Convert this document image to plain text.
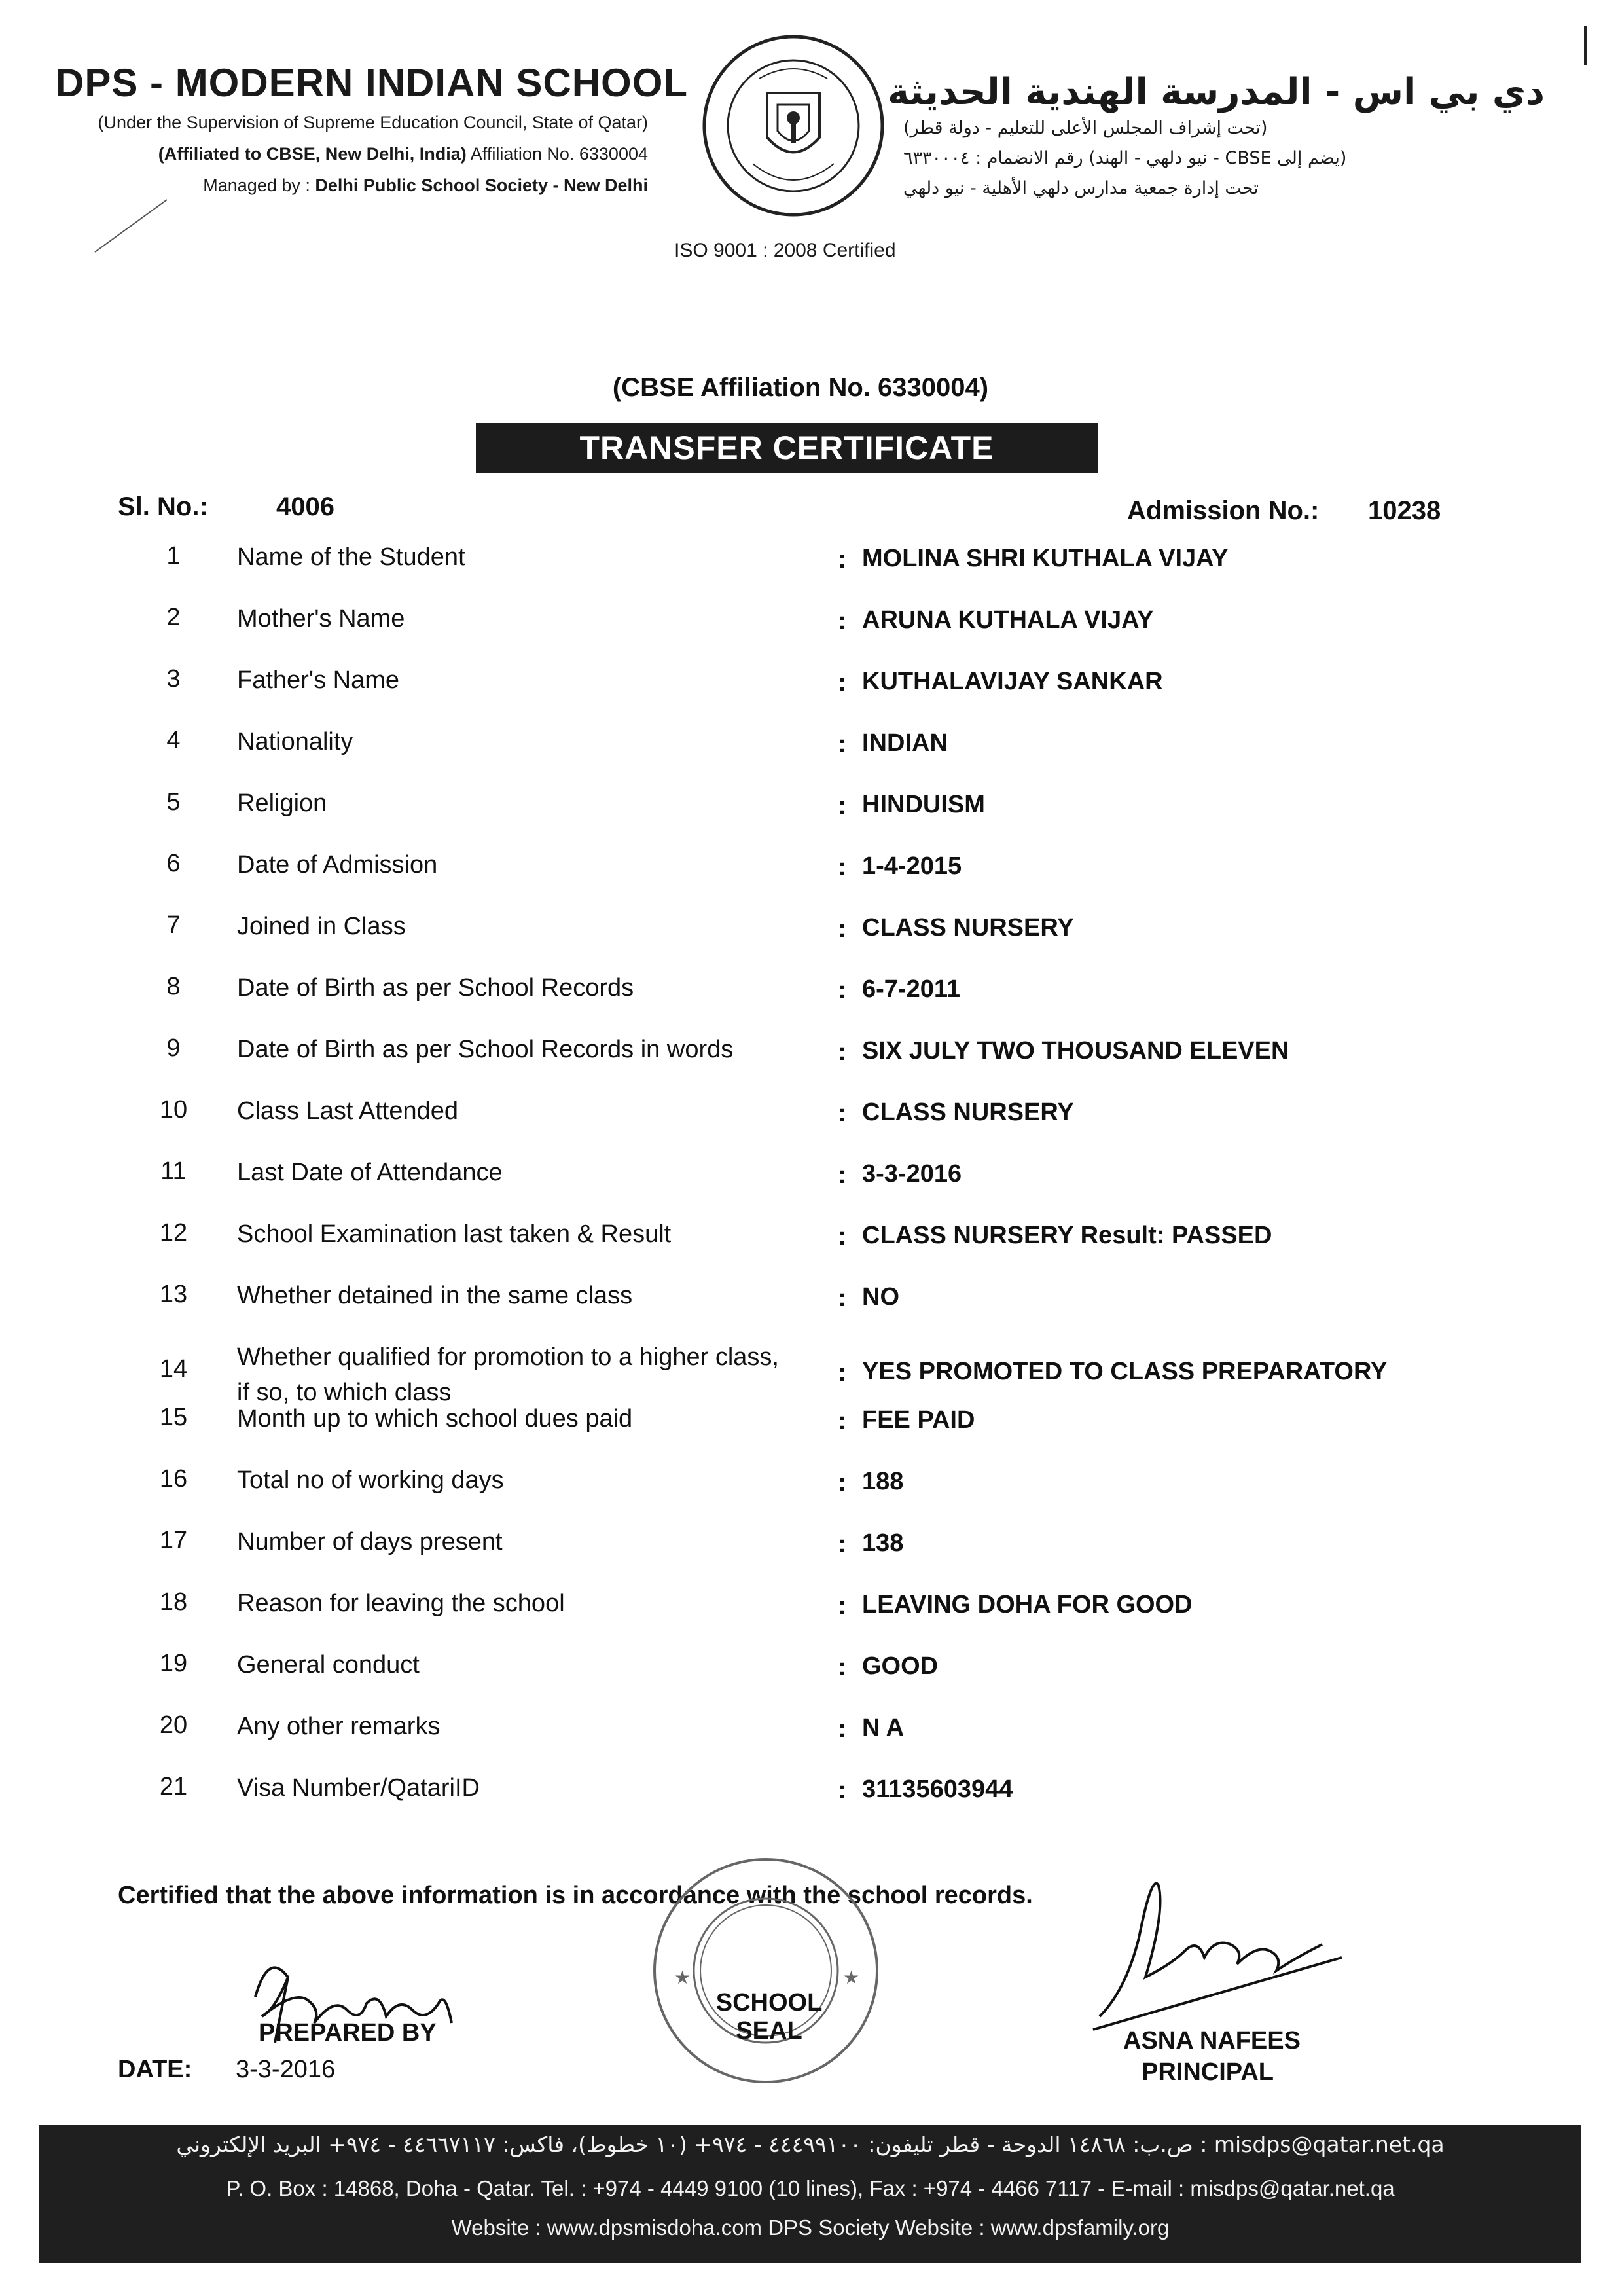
DPS - MODERN INDIAN SCHOOL
(Under the Supervision of Supreme Education Council, State of Qatar)
(Affiliated to CBSE, New Delhi, India) Affiliation No. 6330004
Managed by : Delhi Public School Society - New Delhi
ISO 9001 : 2008 Certified
دي بي اس - المدرسة الهندية الحديثة
(تحت إشراف المجلس الأعلى للتعليم - دولة قطر)
(يضم إلى CBSE - نيو دلهي - الهند) رقم الانضمام : ٦٣٣٠٠٠٤
تحت إدارة جمعية مدارس دلهي الأهلية - نيو دلهي
(CBSE Affiliation No. 6330004)
TRANSFER CERTIFICATE
Sl. No.:	4006	Admission No.: 10238
1	Name of the Student	: MOLINA SHRI KUTHALA VIJAY
2	Mother's Name	: ARUNA KUTHALA VIJAY
3	Father's Name	: KUTHALAVIJAY SANKAR
4	Nationality	: INDIAN
5	Religion	: HINDUISM
6	Date of Admission	: 1-4-2015
7	Joined in Class	: CLASS NURSERY
8	Date of Birth as per School Records	: 6-7-2011
9	Date of Birth as per School Records in words	: SIX JULY TWO THOUSAND ELEVEN
10	Class Last Attended	: CLASS NURSERY
11	Last Date of Attendance	: 3-3-2016
12	School Examination last taken & Result	: CLASS NURSERY Result: PASSED
13	Whether detained in the same class	: NO
14	Whether qualified for promotion to a higher class, if so, to which class
: YES PROMOTED TO CLASS PREPARATORY
15	Month up to which school dues paid	: FEE PAID
16	Total no of working days	: 188
17	Number of days present	: 138
18	Reason for leaving the school	: LEAVING DOHA FOR GOOD
19	General conduct	: GOOD
20	Any other remarks	: N A
21	Visa Number/QatariID	: 31135603944
Certified that the above information is in accordance with the school records.
PREPARED BY
DATE: 3-3-2016
★	★
SCHOOL SEAL	ASNA NAFEES
PRINCIPAL
ص.ب: ١٤٨٦٨ الدوحة - قطر تليفون: ٤٤٤٩٩١٠٠ - ٩٧٤+ (١٠ خطوط)، فاكس: ٤٤٦٦٧١١٧ - ٩٧٤+ البريد الإلكتروني : misdps@qatar.net.qa
P. O. Box : 14868, Doha - Qatar. Tel. : +974 - 4449 9100 (10 lines), Fax : +974 - 4466 7117 - E-mail : misdps@qatar.net.qa
Website : www.dpsmisdoha.com DPS Society Website : www.dpsfamily.org
